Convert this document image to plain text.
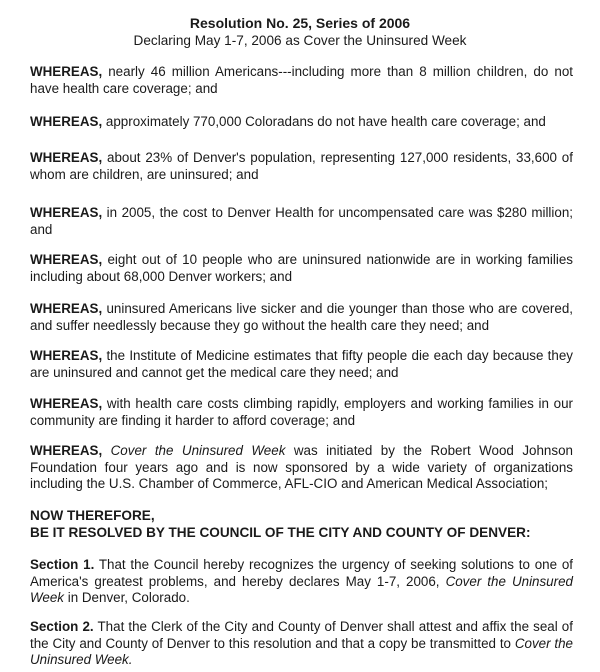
Resolution No. 25, Series of 2006
Declaring May 1-7, 2006 as Cover the Uninsured Week
WHEREAS, nearly 46 million Americans---including more than 8 million children, do not have health care coverage; and
WHEREAS, approximately 770,000 Coloradans do not have health care coverage; and
WHEREAS, about 23% of Denver's population, representing 127,000 residents, 33,600 of whom are children, are uninsured; and
WHEREAS, in 2005, the cost to Denver Health for uncompensated care was $280 million; and
WHEREAS, eight out of 10 people who are uninsured nationwide are in working families including about 68,000 Denver workers; and
WHEREAS, uninsured Americans live sicker and die younger than those who are covered, and suffer needlessly because they go without the health care they need; and
WHEREAS, the Institute of Medicine estimates that fifty people die each day because they are uninsured and cannot get the medical care they need; and
WHEREAS, with health care costs climbing rapidly, employers and working families in our community are finding it harder to afford coverage; and
WHEREAS, Cover the Uninsured Week was initiated by the Robert Wood Johnson Foundation four years ago and is now sponsored by a wide variety of organizations including the U.S. Chamber of Commerce, AFL-CIO and American Medical Association;
NOW THEREFORE,
BE IT RESOLVED BY THE COUNCIL OF THE CITY AND COUNTY OF DENVER:
Section 1. That the Council hereby recognizes the urgency of seeking solutions to one of America's greatest problems, and hereby declares May 1-7, 2006, Cover the Uninsured Week in Denver, Colorado.
Section 2. That the Clerk of the City and County of Denver shall attest and affix the seal of the City and County of Denver to this resolution and that a copy be transmitted to Cover the Uninsured Week.
